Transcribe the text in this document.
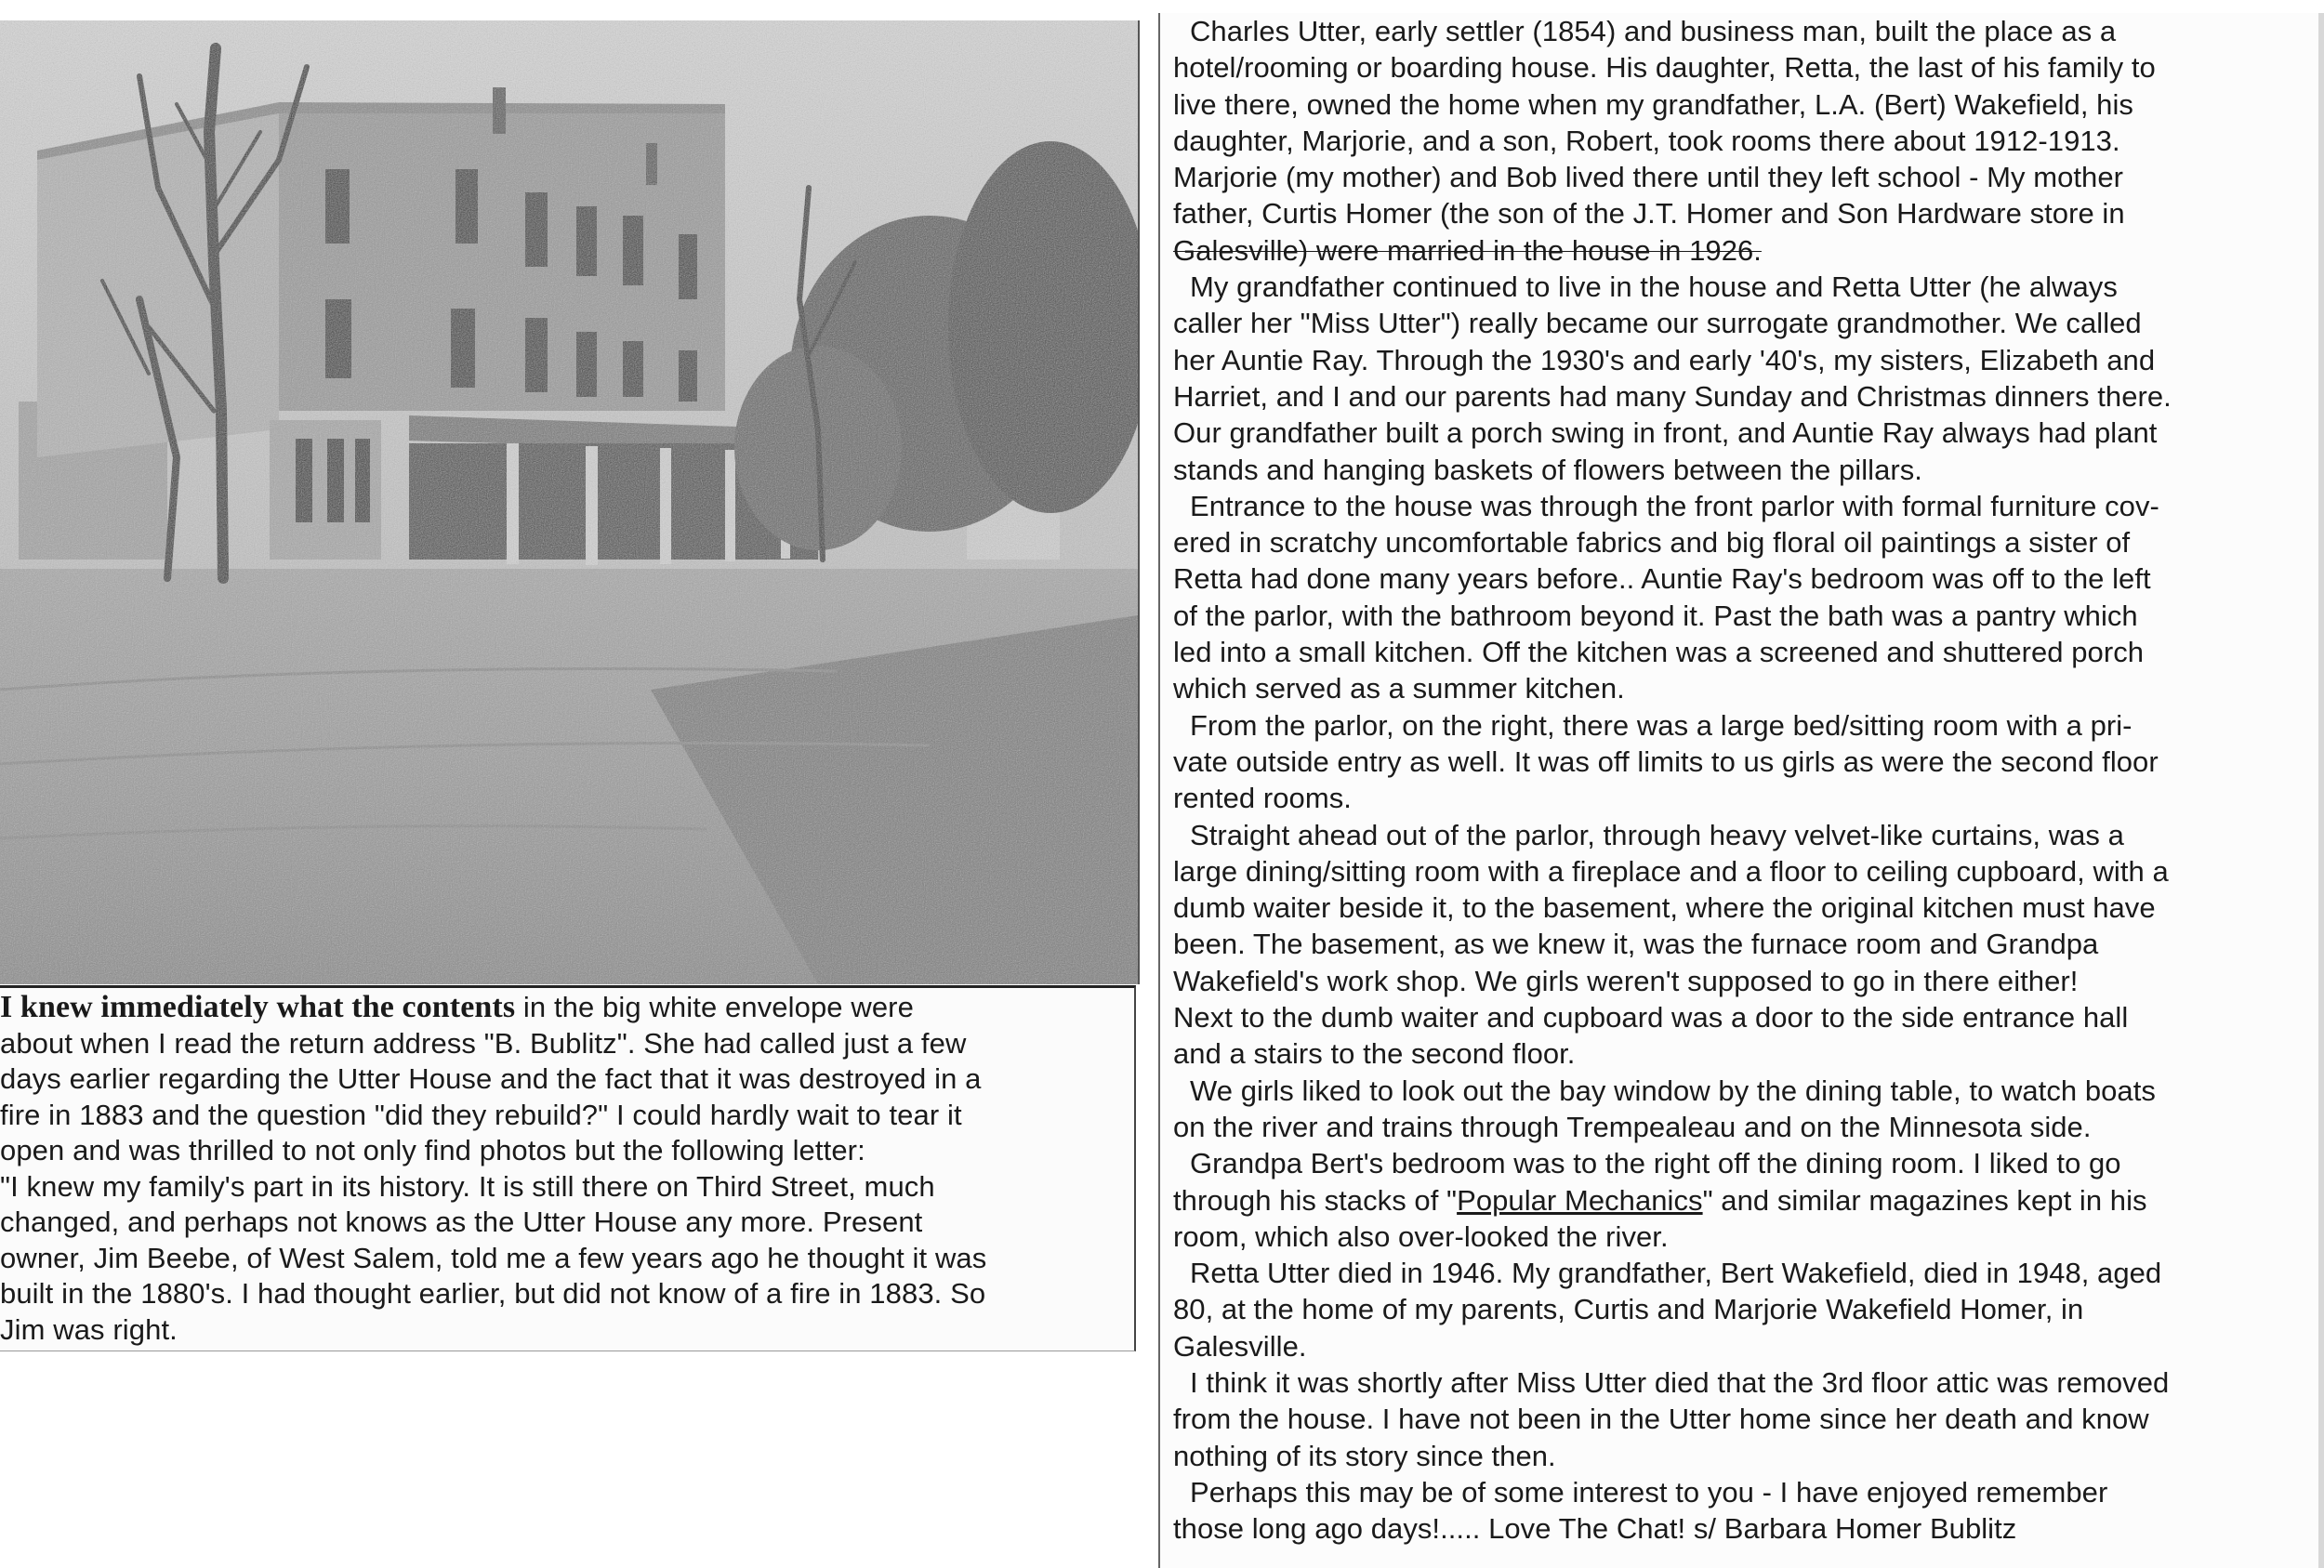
I knew immediately what the contents in the big white envelope were

about when I read the return address "B. Bublitz". She had called just a few

days earlier regarding the Utter House and the fact that it was destroyed in a

fire in 1883 and the question "did they rebuild?" I could hardly wait to tear it

open and was thrilled to not only find photos but the following letter:

"I knew my family's part in its history. It is still there on Third Street, much

changed, and perhaps not knows as the Utter House any more. Present

owner, Jim Beebe, of West Salem, told me a few years ago he thought it was

built in the 1880's. I had thought earlier, but did not know of a fire in 1883. So

Jim was right.

Charles Utter, early settler (1854) and business man, built the place as a

hotel/rooming or boarding house. His daughter, Retta, the last of his family to

live there, owned the home when my grandfather, L.A. (Bert) Wakefield, his

daughter, Marjorie, and a son, Robert, took rooms there about 1912-1913.

Marjorie (my mother) and Bob lived there until they left school - My mother

father, Curtis Homer (the son of the J.T. Homer and Son Hardware store in

Galesville) were married in the house in 1926.

My grandfather continued to live in the house and Retta Utter (he always

caller her "Miss Utter") really became our surrogate grandmother. We called

her Auntie Ray. Through the 1930's and early '40's, my sisters, Elizabeth and

Harriet, and I and our parents had many Sunday and Christmas dinners there.

Our grandfather built a porch swing in front, and Auntie Ray always had plant

stands and hanging baskets of flowers between the pillars.

Entrance to the house was through the front parlor with formal furniture cov-

ered in scratchy uncomfortable fabrics and big floral oil paintings a sister of

Retta had done many years before.. Auntie Ray's bedroom was off to the left

of the parlor, with the bathroom beyond it. Past the bath was a pantry which

led into a small kitchen. Off the kitchen was a screened and shuttered porch

which served as a summer kitchen.

From the parlor, on the right, there was a large bed/sitting room with a pri-

vate outside entry as well. It was off limits to us girls as were the second floor

rented rooms.

Straight ahead out of the parlor, through heavy velvet-like curtains, was a

large dining/sitting room with a fireplace and a floor to ceiling cupboard, with a

dumb waiter beside it, to the basement, where the original kitchen must have

been. The basement, as we knew it, was the furnace room and Grandpa

Wakefield's work shop. We girls weren't supposed to go in there either!

Next to the dumb waiter and cupboard was a door to the side entrance hall

and a stairs to the second floor.

We girls liked to look out the bay window by the dining table, to watch boats

on the river and trains through Trempealeau and on the Minnesota side.

Grandpa Bert's bedroom was to the right off the dining room. I liked to go

through his stacks of "Popular Mechanics" and similar magazines kept in his

room, which also over-looked the river.

Retta Utter died in 1946. My grandfather, Bert Wakefield, died in 1948, aged

80, at the home of my parents, Curtis and Marjorie Wakefield Homer, in

Galesville.

I think it was shortly after Miss Utter died that the 3rd floor attic was removed

from the house. I have not been in the Utter home since her death and know

nothing of its story since then.

Perhaps this may be of some interest to you - I have enjoyed remember

those long ago days!..... Love The Chat! s/ Barbara Homer Bublitz
